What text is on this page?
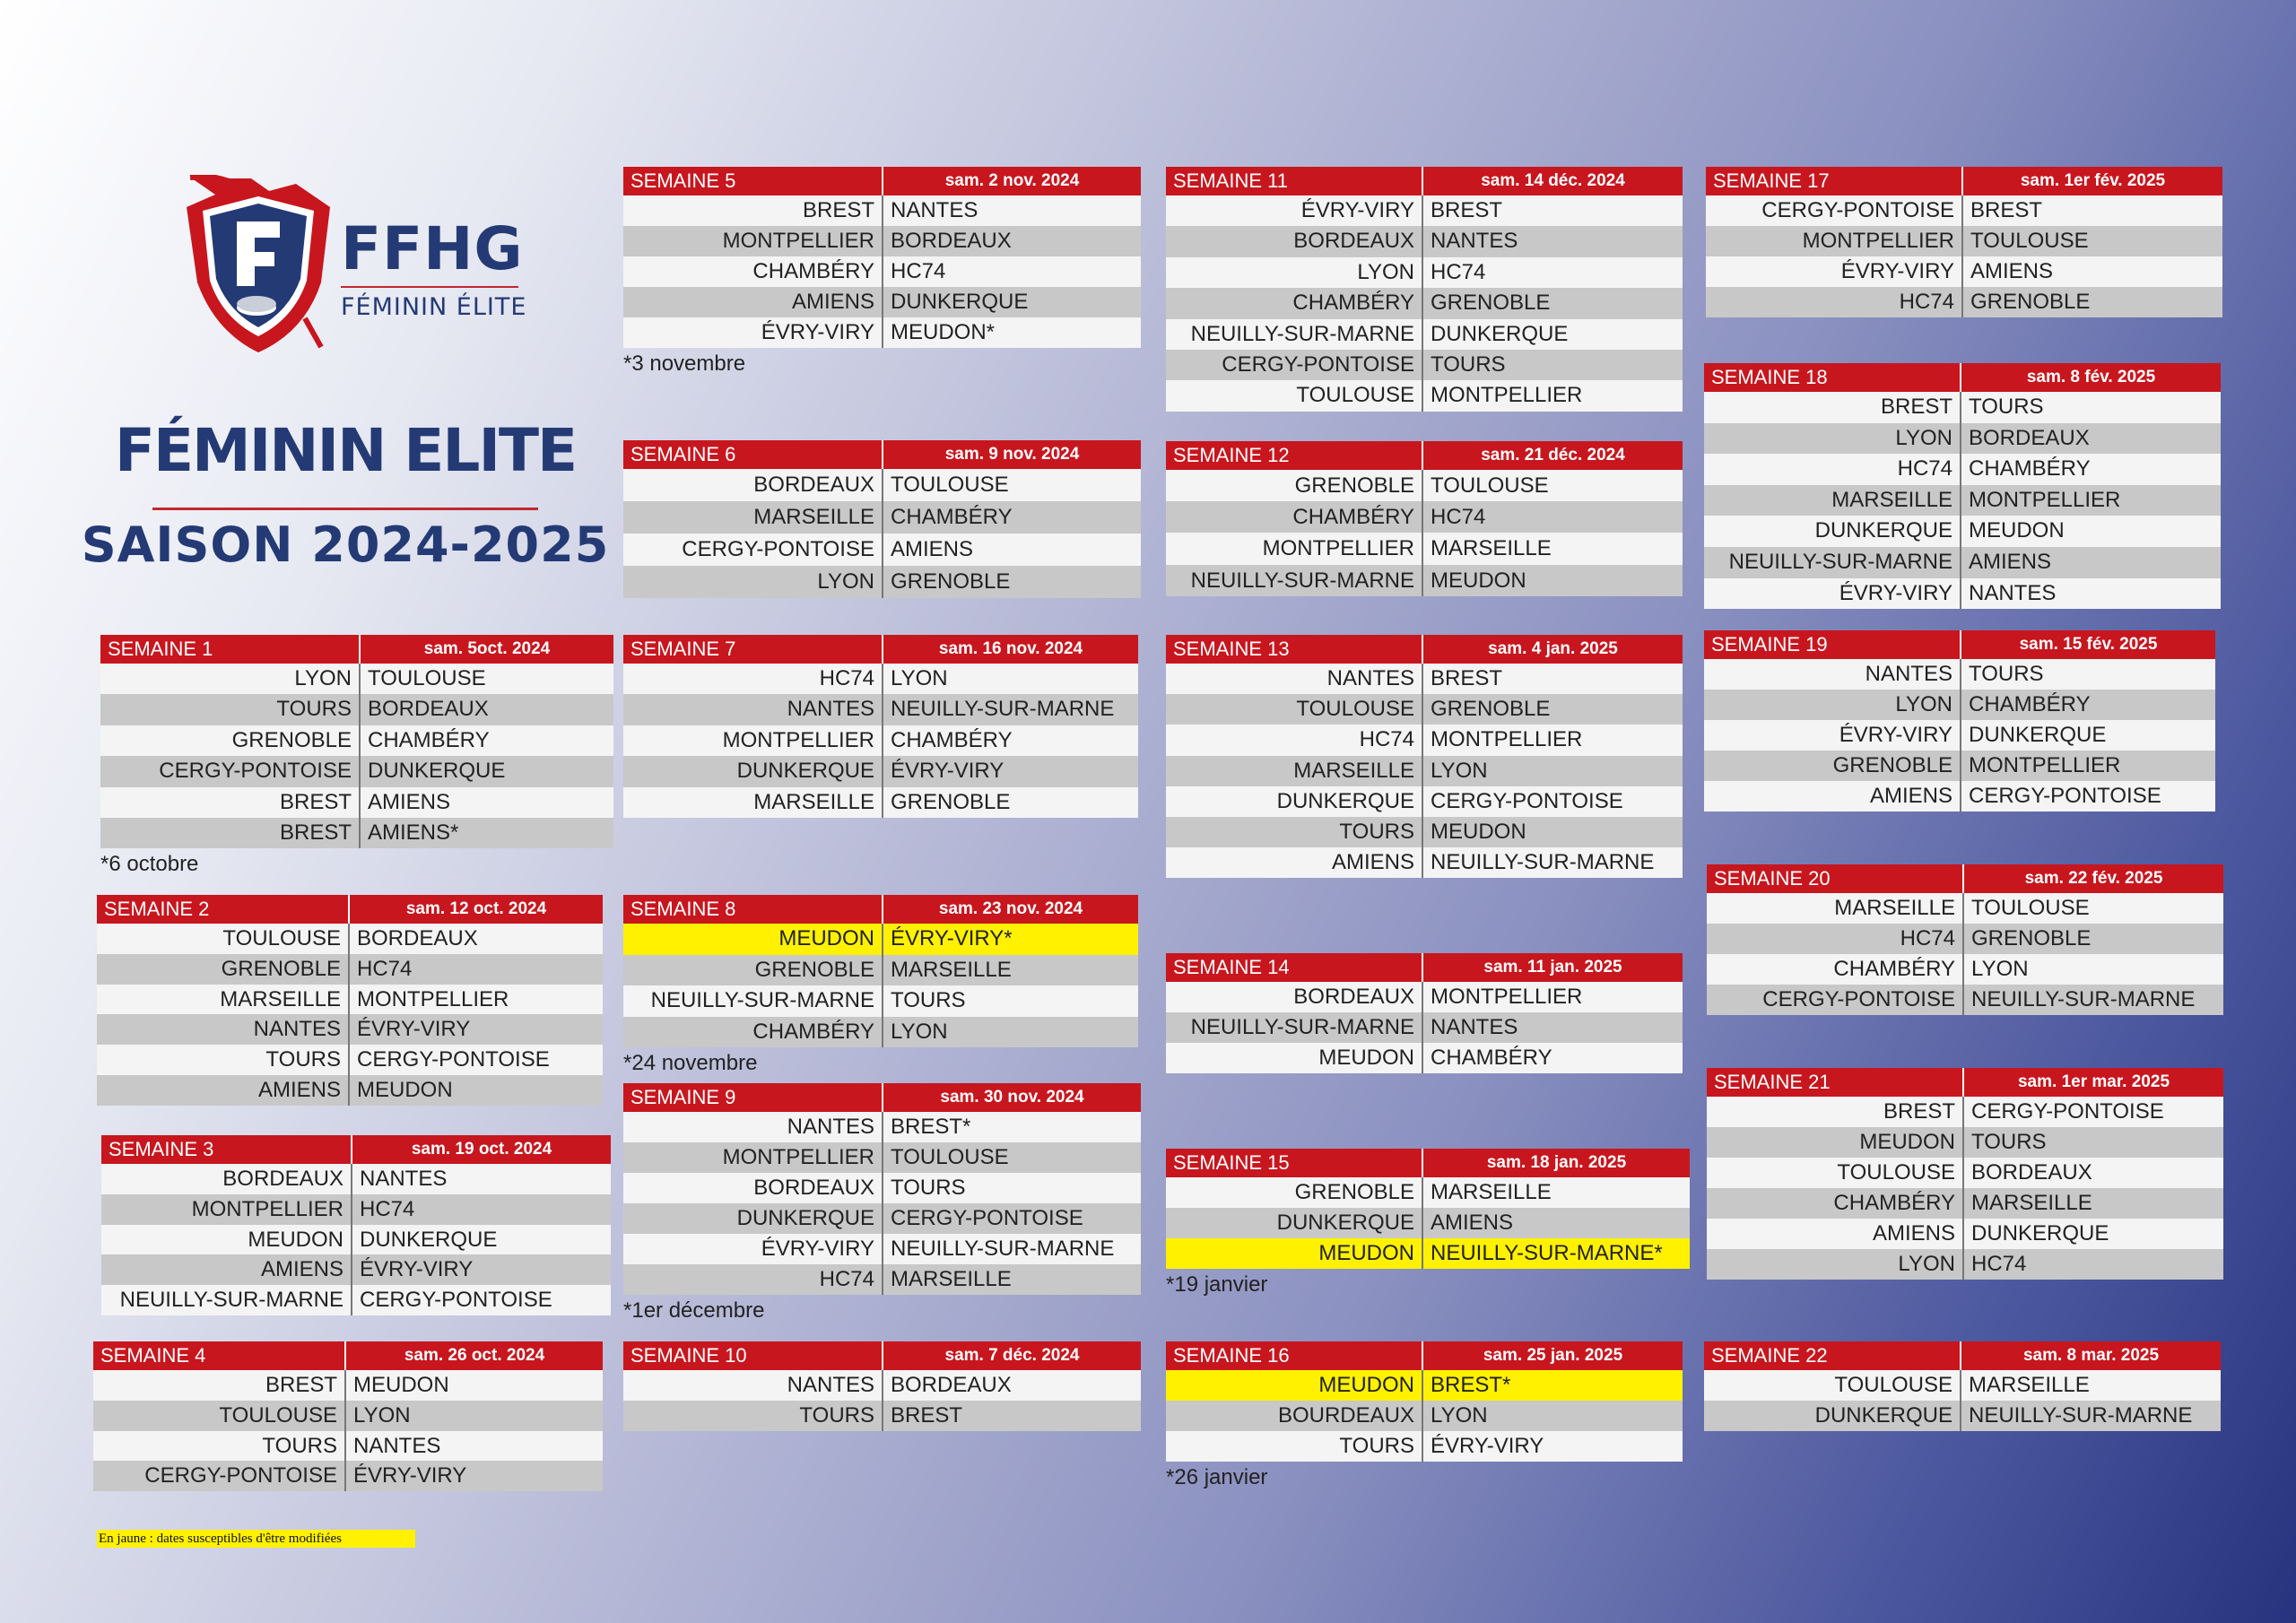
FFHG
FÉMININ ÉLITE
FÉMININ ELITE
SAISON 2024-2025
SEMAINE 1	sam. 5oct. 2024
LYON TOULOUSE
TOURS BORDEAUX
GRENOBLE CHAMBÉRY
CERGY-PONTOISE DUNKERQUE
BREST AMIENS
BREST AMIENS*
*6 octobre
SEMAINE 2	sam. 12 oct. 2024
TOULOUSE BORDEAUX
GRENOBLE HC74
MARSEILLE MONTPELLIER
NANTES ÉVRY-VIRY
TOURS CERGY-PONTOISE
AMIENS MEUDON
SEMAINE 3	sam. 19 oct. 2024
BORDEAUX NANTES
MONTPELLIER HC74
MEUDON DUNKERQUE
AMIENS ÉVRY-VIRY
NEUILLY-SUR-MARNE CERGY-PONTOISE
SEMAINE 4	sam. 26 oct. 2024
BREST MEUDON
TOULOUSE LYON
TOURS NANTES
CERGY-PONTOISE ÉVRY-VIRY
SEMAINE 5	sam. 2 nov. 2024
BREST NANTES
MONTPELLIER BORDEAUX
CHAMBÉRY HC74
AMIENS DUNKERQUE
ÉVRY-VIRY MEUDON*
*3 novembre
SEMAINE 6	sam. 9 nov. 2024
BORDEAUX TOULOUSE
MARSEILLE CHAMBÉRY
CERGY-PONTOISE AMIENS
LYON GRENOBLE
SEMAINE 7	sam. 16 nov. 2024
HC74 LYON
NANTES NEUILLY-SUR-MARNE
MONTPELLIER CHAMBÉRY
DUNKERQUE ÉVRY-VIRY
MARSEILLE GRENOBLE
SEMAINE 8	sam. 23 nov. 2024
MEUDON ÉVRY-VIRY*
GRENOBLE MARSEILLE
NEUILLY-SUR-MARNE TOURS
CHAMBÉRY LYON
*24 novembre
SEMAINE 9	sam. 30 nov. 2024
NANTES BREST*
MONTPELLIER TOULOUSE
BORDEAUX TOURS
DUNKERQUE CERGY-PONTOISE
ÉVRY-VIRY NEUILLY-SUR-MARNE
HC74 MARSEILLE
*1er décembre
SEMAINE 10	sam. 7 déc. 2024
NANTES BORDEAUX
TOURS BREST
SEMAINE 11	sam. 14 déc. 2024
ÉVRY-VIRY BREST
BORDEAUX NANTES
LYON HC74
CHAMBÉRY GRENOBLE
NEUILLY-SUR-MARNE DUNKERQUE
CERGY-PONTOISE TOURS
TOULOUSE MONTPELLIER
SEMAINE 12	sam. 21 déc. 2024
GRENOBLE TOULOUSE
CHAMBÉRY HC74
MONTPELLIER MARSEILLE
NEUILLY-SUR-MARNE MEUDON
SEMAINE 13	sam. 4 jan. 2025
NANTES BREST
TOULOUSE GRENOBLE
HC74 MONTPELLIER
MARSEILLE LYON
DUNKERQUE CERGY-PONTOISE
TOURS MEUDON
AMIENS NEUILLY-SUR-MARNE
SEMAINE 14	sam. 11 jan. 2025
BORDEAUX MONTPELLIER
NEUILLY-SUR-MARNE NANTES
MEUDON CHAMBÉRY
SEMAINE 15	sam. 18 jan. 2025
GRENOBLE MARSEILLE
DUNKERQUE AMIENS
MEUDON NEUILLY-SUR-MARNE*
*19 janvier
SEMAINE 16	sam. 25 jan. 2025
MEUDON BREST*
BOURDEAUX LYON
TOURS ÉVRY-VIRY
*26 janvier
SEMAINE 17	sam. 1er fév. 2025
CERGY-PONTOISE BREST
MONTPELLIER TOULOUSE
ÉVRY-VIRY AMIENS
HC74 GRENOBLE
SEMAINE 18	sam. 8 fév. 2025
BREST TOURS
LYON BORDEAUX
HC74 CHAMBÉRY
MARSEILLE MONTPELLIER
DUNKERQUE MEUDON
NEUILLY-SUR-MARNE AMIENS
ÉVRY-VIRY NANTES
SEMAINE 19	sam. 15 fév. 2025
NANTES TOURS
LYON CHAMBÉRY
ÉVRY-VIRY DUNKERQUE
GRENOBLE MONTPELLIER
AMIENS CERGY-PONTOISE
SEMAINE 20	sam. 22 fév. 2025
MARSEILLE TOULOUSE
HC74 GRENOBLE
CHAMBÉRY LYON
CERGY-PONTOISE NEUILLY-SUR-MARNE
SEMAINE 21	sam. 1er mar. 2025
BREST CERGY-PONTOISE
MEUDON TOURS
TOULOUSE BORDEAUX
CHAMBÉRY MARSEILLE
AMIENS DUNKERQUE
LYON HC74
SEMAINE 22	sam. 8 mar. 2025
TOULOUSE MARSEILLE
DUNKERQUE NEUILLY-SUR-MARNE
En jaune : dates susceptibles d'être modifiées
